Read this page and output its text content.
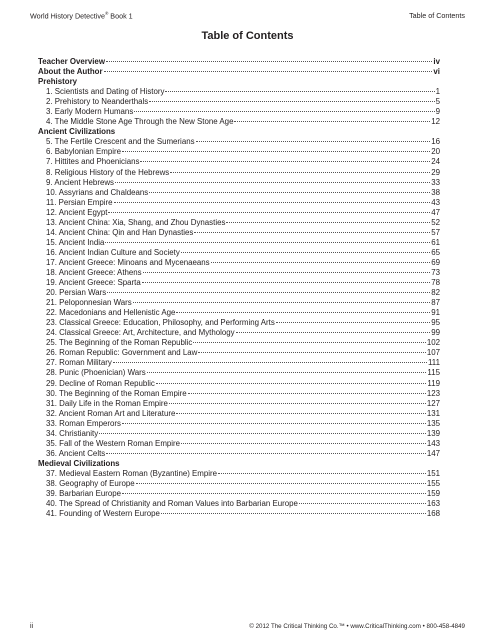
World History Detective® Book 1	Table of Contents
Table of Contents
Teacher Overview	iv
About the Author	vi
Prehistory
1. Scientists and Dating of History	1
2. Prehistory to Neanderthals	5
3. Early Modern Humans	9
4. The Middle Stone Age Through the New Stone Age	12
Ancient Civilizations
5. The Fertile Crescent and the Sumerians	16
6. Babylonian Empire	20
7. Hittites and Phoenicians	24
8. Religious History of the Hebrews	29
9. Ancient Hebrews	33
10. Assyrians and Chaldeans	38
11. Persian Empire	43
12. Ancient Egypt	47
13. Ancient China: Xia, Shang, and Zhou Dynasties	52
14. Ancient China: Qin and Han Dynasties	57
15. Ancient India	61
16. Ancient Indian Culture and Society	65
17. Ancient Greece: Minoans and Mycenaeans	69
18. Ancient Greece: Athens	73
19. Ancient Greece: Sparta	78
20. Persian Wars	82
21. Peloponnesian Wars	87
22. Macedonians and Hellenistic Age	91
23. Classical Greece: Education, Philosophy, and Performing Arts	95
24. Classical Greece: Art, Architecture, and Mythology	99
25. The Beginning of the Roman Republic	102
26. Roman Republic: Government and Law	107
27. Roman Military	111
28. Punic (Phoenician) Wars	115
29. Decline of Roman Republic	119
30. The Beginning of the Roman Empire	123
31. Daily Life in the Roman Empire	127
32. Ancient Roman Art and Literature	131
33. Roman Emperors	135
34. Christianity	139
35. Fall of the Western Roman Empire	143
36. Ancient Celts	147
Medieval Civilizations
37. Medieval Eastern Roman (Byzantine) Empire	151
38. Geography of Europe	155
39. Barbarian Europe	159
40. The Spread of Christianity and Roman Values into Barbarian Europe	163
41. Founding of Western Europe	168
ii	© 2012 The Critical Thinking Co.™ • www.CriticalThinking.com • 800-458-4849
